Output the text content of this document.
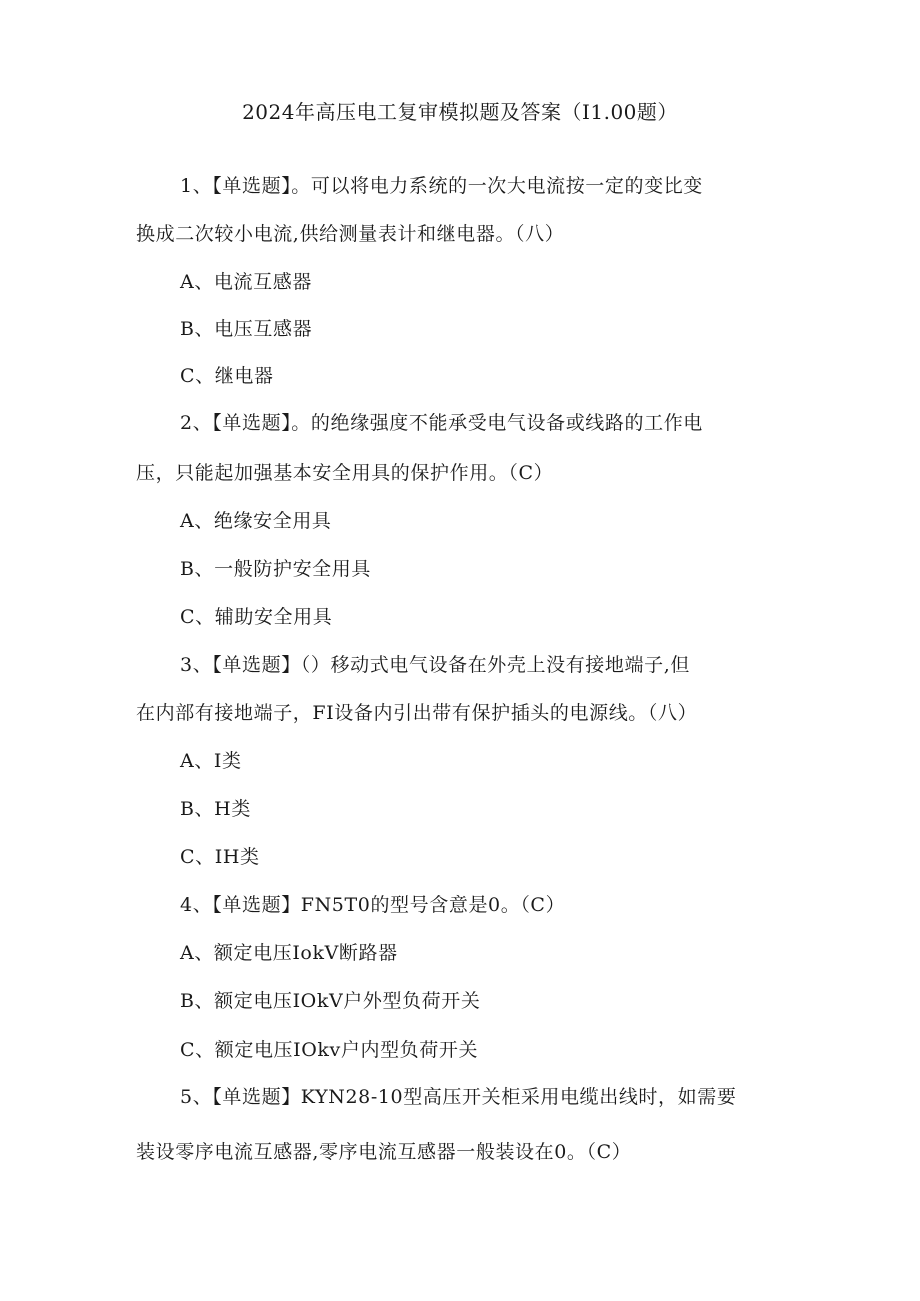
2024年高压电工复审模拟题及答案（I1.00题）
1、【单选题】。可以将电力系统的一次大电流按一定的变比变
换成二次较小电流,供给测量表计和继电器。（八）
A、电流互感器
B、电压互感器
C、继电器
2、【单选题】。的绝缘强度不能承受电气设备或线路的工作电
压，只能起加强基本安全用具的保护作用。（C）
A、绝缘安全用具
B、一般防护安全用具
C、辅助安全用具
3、【单选题】（）移动式电气设备在外壳上没有接地端子,但
在内部有接地端子，FI设备内引出带有保护插头的电源线。（八）
A、I类
B、H类
C、IH类
4、【单选题】FN5T0的型号含意是0。（C）
A、额定电压IokV断路器
B、额定电压IOkV户外型负荷开关
C、额定电压IOkv户内型负荷开关
5、【单选题】KYN28-10型高压开关柜采用电缆出线时，如需要
装设零序电流互感器,零序电流互感器一般装设在0。（C）
